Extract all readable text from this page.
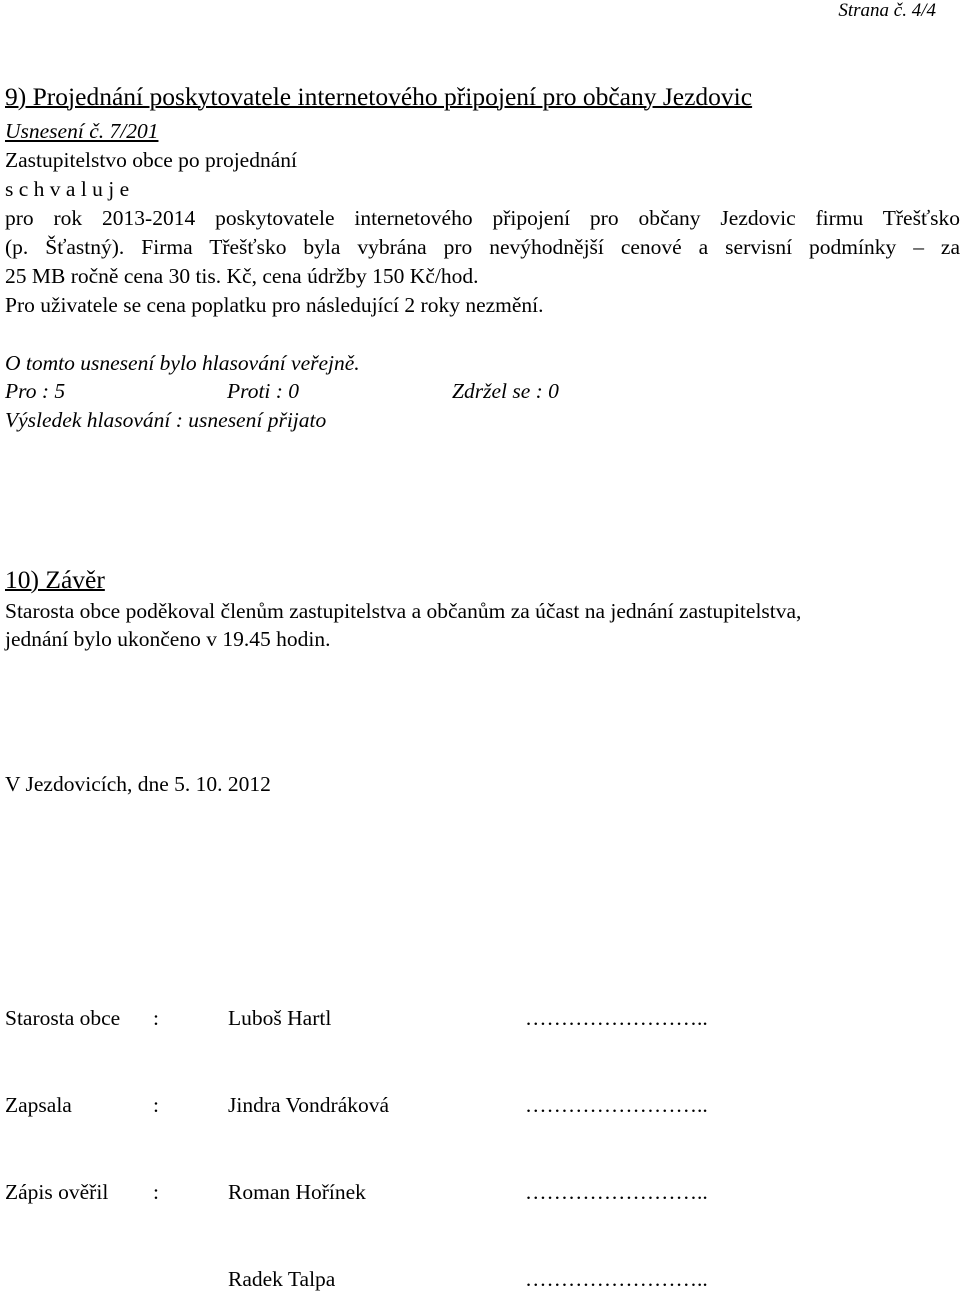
Strana č. 4/4
9) Projednání poskytovatele internetového připojení pro občany Jezdovic
Usnesení č. 7/201
Zastupitelstvo obce po projednání
s c h v a l u j e
pro rok 2013-2014 poskytovatele internetového připojení pro občany Jezdovic firmu Třešťsko
(p. Šťastný). Firma Třešťsko byla vybrána pro nevýhodnější cenové a servisní podmínky – za
25 MB ročně cena 30 tis. Kč, cena údržby 150 Kč/hod.
Pro uživatele se cena poplatku pro následující 2 roky nezmění.
O tomto usnesení bylo hlasování veřejně.
Pro : 5	Proti : 0	Zdržel se : 0
Výsledek hlasování : usnesení přijato
10) Závěr
Starosta obce poděkoval členům zastupitelstva a občanům za účast na jednání zastupitelstva,
jednání bylo ukončeno v 19.45 hodin.
V Jezdovicích, dne 5. 10. 2012
Starosta obce :	Luboš Hartl	……………………..
Zapsala	:	Jindra Vondráková	……………………..
Zápis ověřil :	Roman Hořínek	……………………..
Radek Talpa	……………………..
